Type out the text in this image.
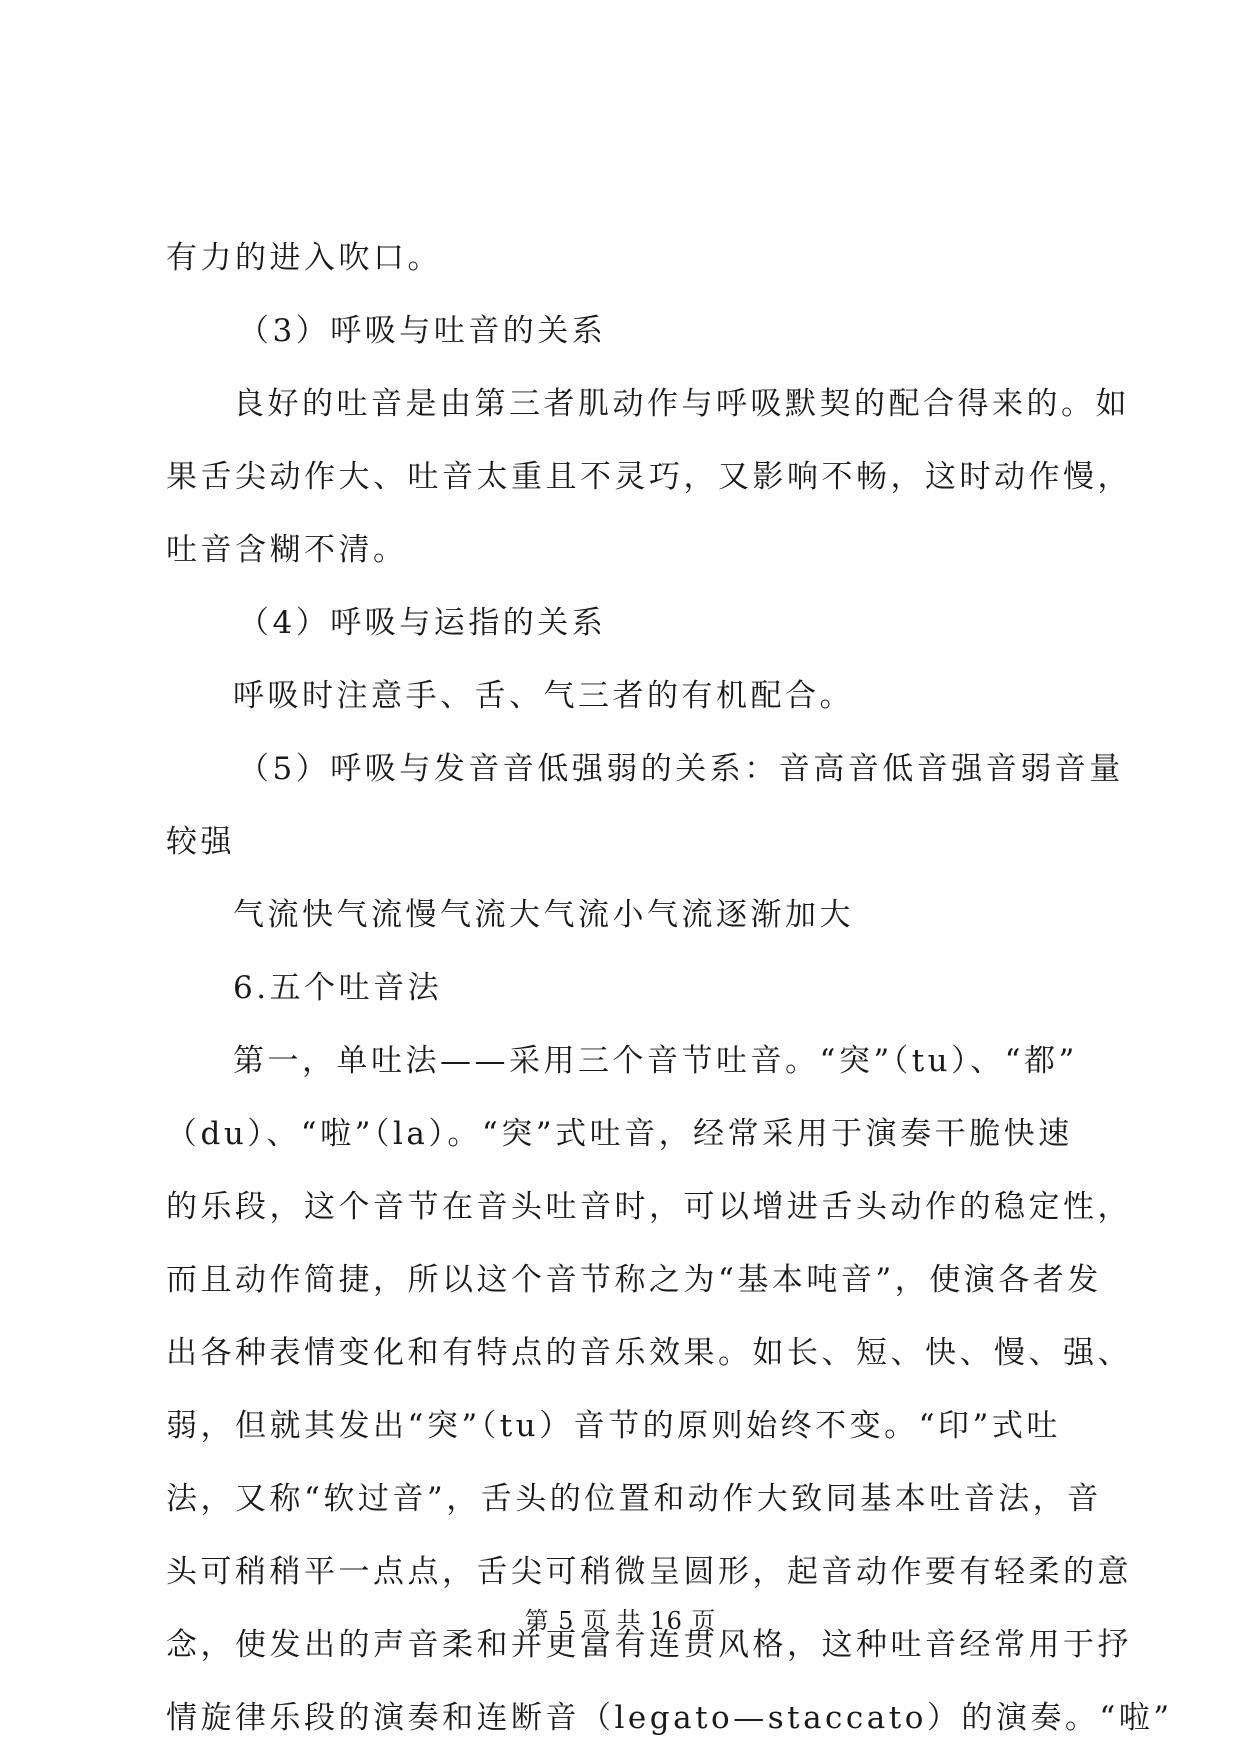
有力的进入吹口。
（3）呼吸与吐音的关系
良好的吐音是由第三者肌动作与呼吸默契的配合得来的。如
果舌尖动作大、吐音太重且不灵巧，又影响不畅，这时动作慢，
吐音含糊不清。
（4）呼吸与运指的关系
呼吸时注意手、舌、气三者的有机配合。
（5）呼吸与发音音低强弱的关系：音高音低音强音弱音量
较强
气流快气流慢气流大气流小气流逐渐加大
6.五个吐音法
第一，单吐法——采用三个音节吐音。“突”（tu）、“都”
（du）、“啦”（la）。“突”式吐音，经常采用于演奏干脆快速
的乐段，这个音节在音头吐音时，可以增进舌头动作的稳定性，
而且动作简捷，所以这个音节称之为“基本吨音”，使演各者发
出各种表情变化和有特点的音乐效果。如长、短、快、慢、强、
弱，但就其发出“突”（tu）音节的原则始终不变。“印”式吐
法，又称“软过音”，舌头的位置和动作大致同基本吐音法，音
头可稍稍平一点点，舌尖可稍微呈圆形，起音动作要有轻柔的意
念，使发出的声音柔和并更富有连贯风格，这种吐音经常用于抒
情旋律乐段的演奏和连断音（legato—staccato）的演奏。“啦”
第 5 页 共 16 页
